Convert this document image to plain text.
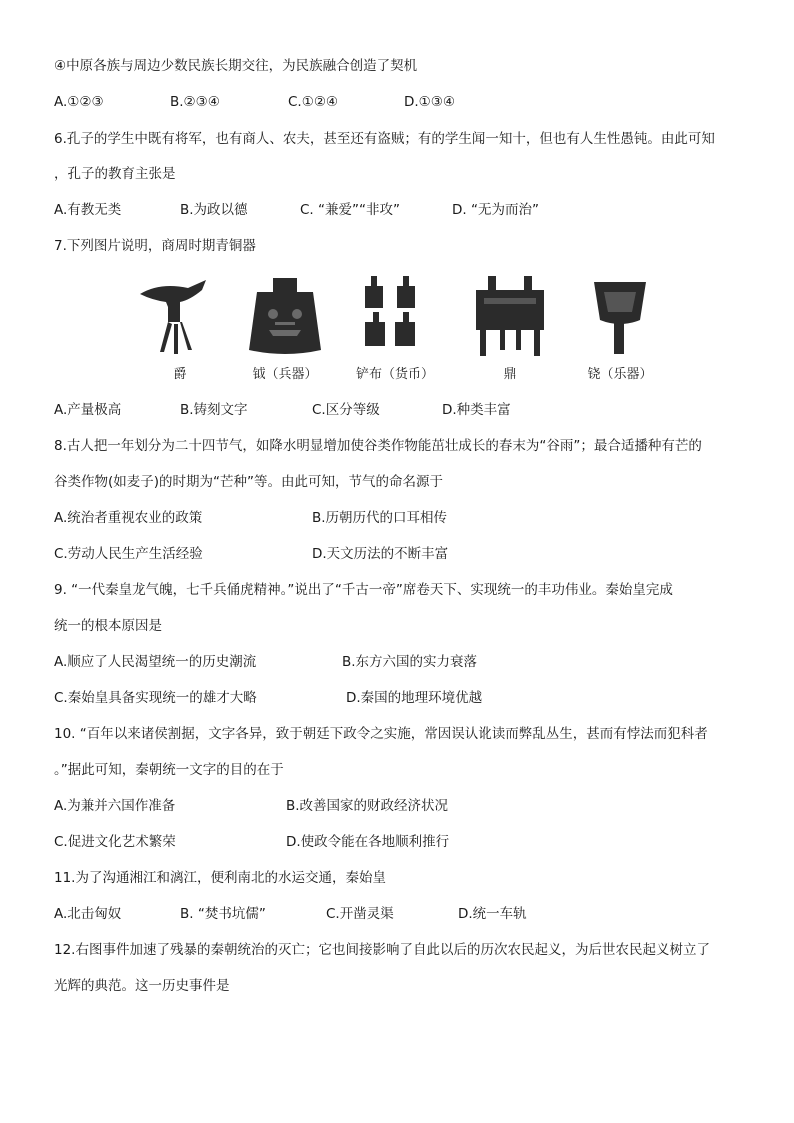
④中原各族与周边少数民族长期交往，为民族融合创造了契机
A.①②③	B.②③④	C.①②④	D.①③④
6.孔子的学生中既有将军，也有商人、农夫，甚至还有盗贼；有的学生闻一知十，但也有人生性愚钝。由此可知
，孔子的教育主张是
A.有教无类	B.为政以德	C. “兼爱”“非攻”	D. “无为而治”
7.下列图片说明，商周时期青铜器
爵	钺（兵器）	铲布（货币）	鼎	铙（乐器）
A.产量极高	B.铸刻文字	C.区分等级	D.种类丰富
8.古人把一年划分为二十四节气，如降水明显增加使谷类作物能茁壮成长的春末为“谷雨”；最合适播种有芒的
谷类作物(如麦子)的时期为“芒种”等。由此可知，节气的命名源于
A.统治者重视农业的政策	B.历朝历代的口耳相传
C.劳动人民生产生活经验	D.天文历法的不断丰富
9. “一代秦皇龙气魄，七千兵俑虎精神。”说出了“千古一帝”席卷天下、实现统一的丰功伟业。秦始皇完成
统一的根本原因是
A.顺应了人民渴望统一的历史潮流	B.东方六国的实力衰落
C.秦始皇具备实现统一的雄才大略	D.秦国的地理环境优越
10. “百年以来诸侯割据，文字各异，致于朝廷下政令之实施，常因误认讹读而弊乱丛生，甚而有悖法而犯科者
。”据此可知，秦朝统一文字的目的在于
A.为兼并六国作准备	B.改善国家的财政经济状况
C.促进文化艺术繁荣	D.使政令能在各地顺利推行
11.为了沟通湘江和漓江，便利南北的水运交通，秦始皇
A.北击匈奴	B. “焚书坑儒”	C.开凿灵渠	D.统一车轨
12.右图事件加速了残暴的秦朝统治的灭亡；它也间接影响了自此以后的历次农民起义，为后世农民起义树立了
光辉的典范。这一历史事件是
